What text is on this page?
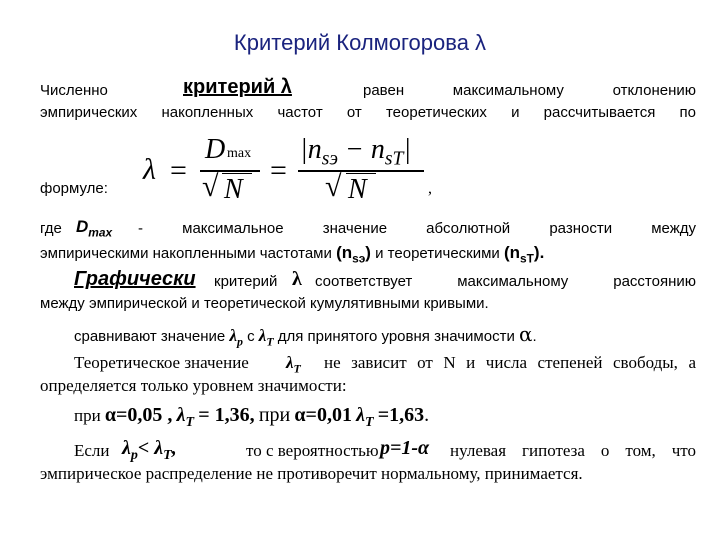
Критерий Колмогорова λ
Численно	критерий λ	равен максимальному отклонению
эмпирических накопленных частот от теоретических и рассчитывается по
формуле:
λ =
D max
√ N
=
$|n_{sэ} - n_{sT}|$
√ N	,
где $D_{max}$ - максимальное значение абсолютной разности между
эмпирическими накопленными частотами $(n_{sэ})$ и теоретическими $(n_{sT})$.
Графически критерий λ соответствует максимальному расстоянию
между эмпирической и теоретической кумулятивными кривыми.
сравнивают значение $\lambda_p$ с $\lambda_T$ для принятого уровня значимости α.
Теоретическое значение $\lambda_T$ не зависит от N и числа степеней свободы, а
определяется только уровнем значимости:
при α=0,05 , $\lambda_T = 1,36$, при α=0,01 $\lambda_T =1,63$.
Если $\lambda_p< \lambda_T$,	то с вероятностью p=1-α нулевая гипотеза о том, что
эмпирическое распределение не противоречит нормальному, принимается.
